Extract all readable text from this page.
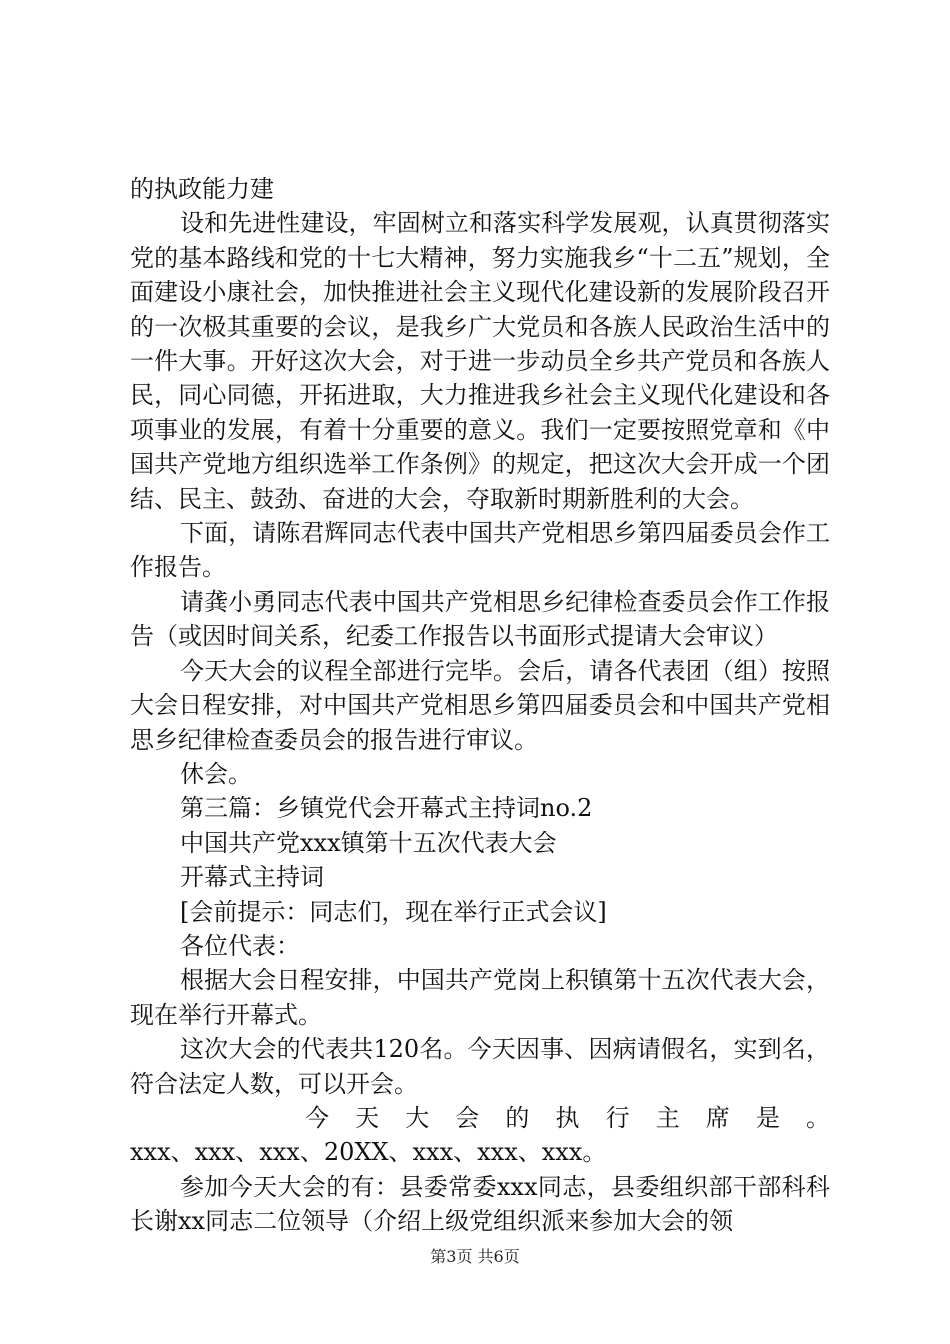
的执政能力建

设和先进性建设，牢固树立和落实科学发展观，认真贯彻落实党的基本路线和党的十七大精神，努力实施我乡“十二五”规划，全面建设小康社会，加快推进社会主义现代化建设新的发展阶段召开的一次极其重要的会议，是我乡广大党员和各族人民政治生活中的一件大事。开好这次大会，对于进一步动员全乡共产党员和各族人民，同心同德，开拓进取，大力推进我乡社会主义现代化建设和各项事业的发展，有着十分重要的意义。我们一定要按照党章和《中国共产党地方组织选举工作条例》的规定，把这次大会开成一个团结、民主、鼓劲、奋进的大会，夺取新时期新胜利的大会。

下面，请陈君辉同志代表中国共产党相思乡第四届委员会作工作报告。

请龚小勇同志代表中国共产党相思乡纪律检查委员会作工作报告（或因时间关系，纪委工作报告以书面形式提请大会审议）

今天大会的议程全部进行完毕。会后，请各代表团（组）按照大会日程安排，对中国共产党相思乡第四届委员会和中国共产党相思乡纪律检查委员会的报告进行审议。

休会。

第三篇：乡镇党代会开幕式主持词no.2

中国共产党xxx镇第十五次代表大会

开幕式主持词

[会前提示：同志们，现在举行正式会议]

各位代表：

根据大会日程安排，中国共产党岗上积镇第十五次代表大会，现在举行开幕式。

这次大会的代表共120名。今天因事、因病请假名，实到名，符合法定人数，可以开会。

今　天　大　会　的　执　行　主　席　是　。

xxx、xxx、xxx、20XX、xxx、xxx、xxx。

参加今天大会的有：县委常委xxx同志，县委组织部干部科科长谢xx同志二位领导（介绍上级党组织派来参加大会的领

第3页 共6页
